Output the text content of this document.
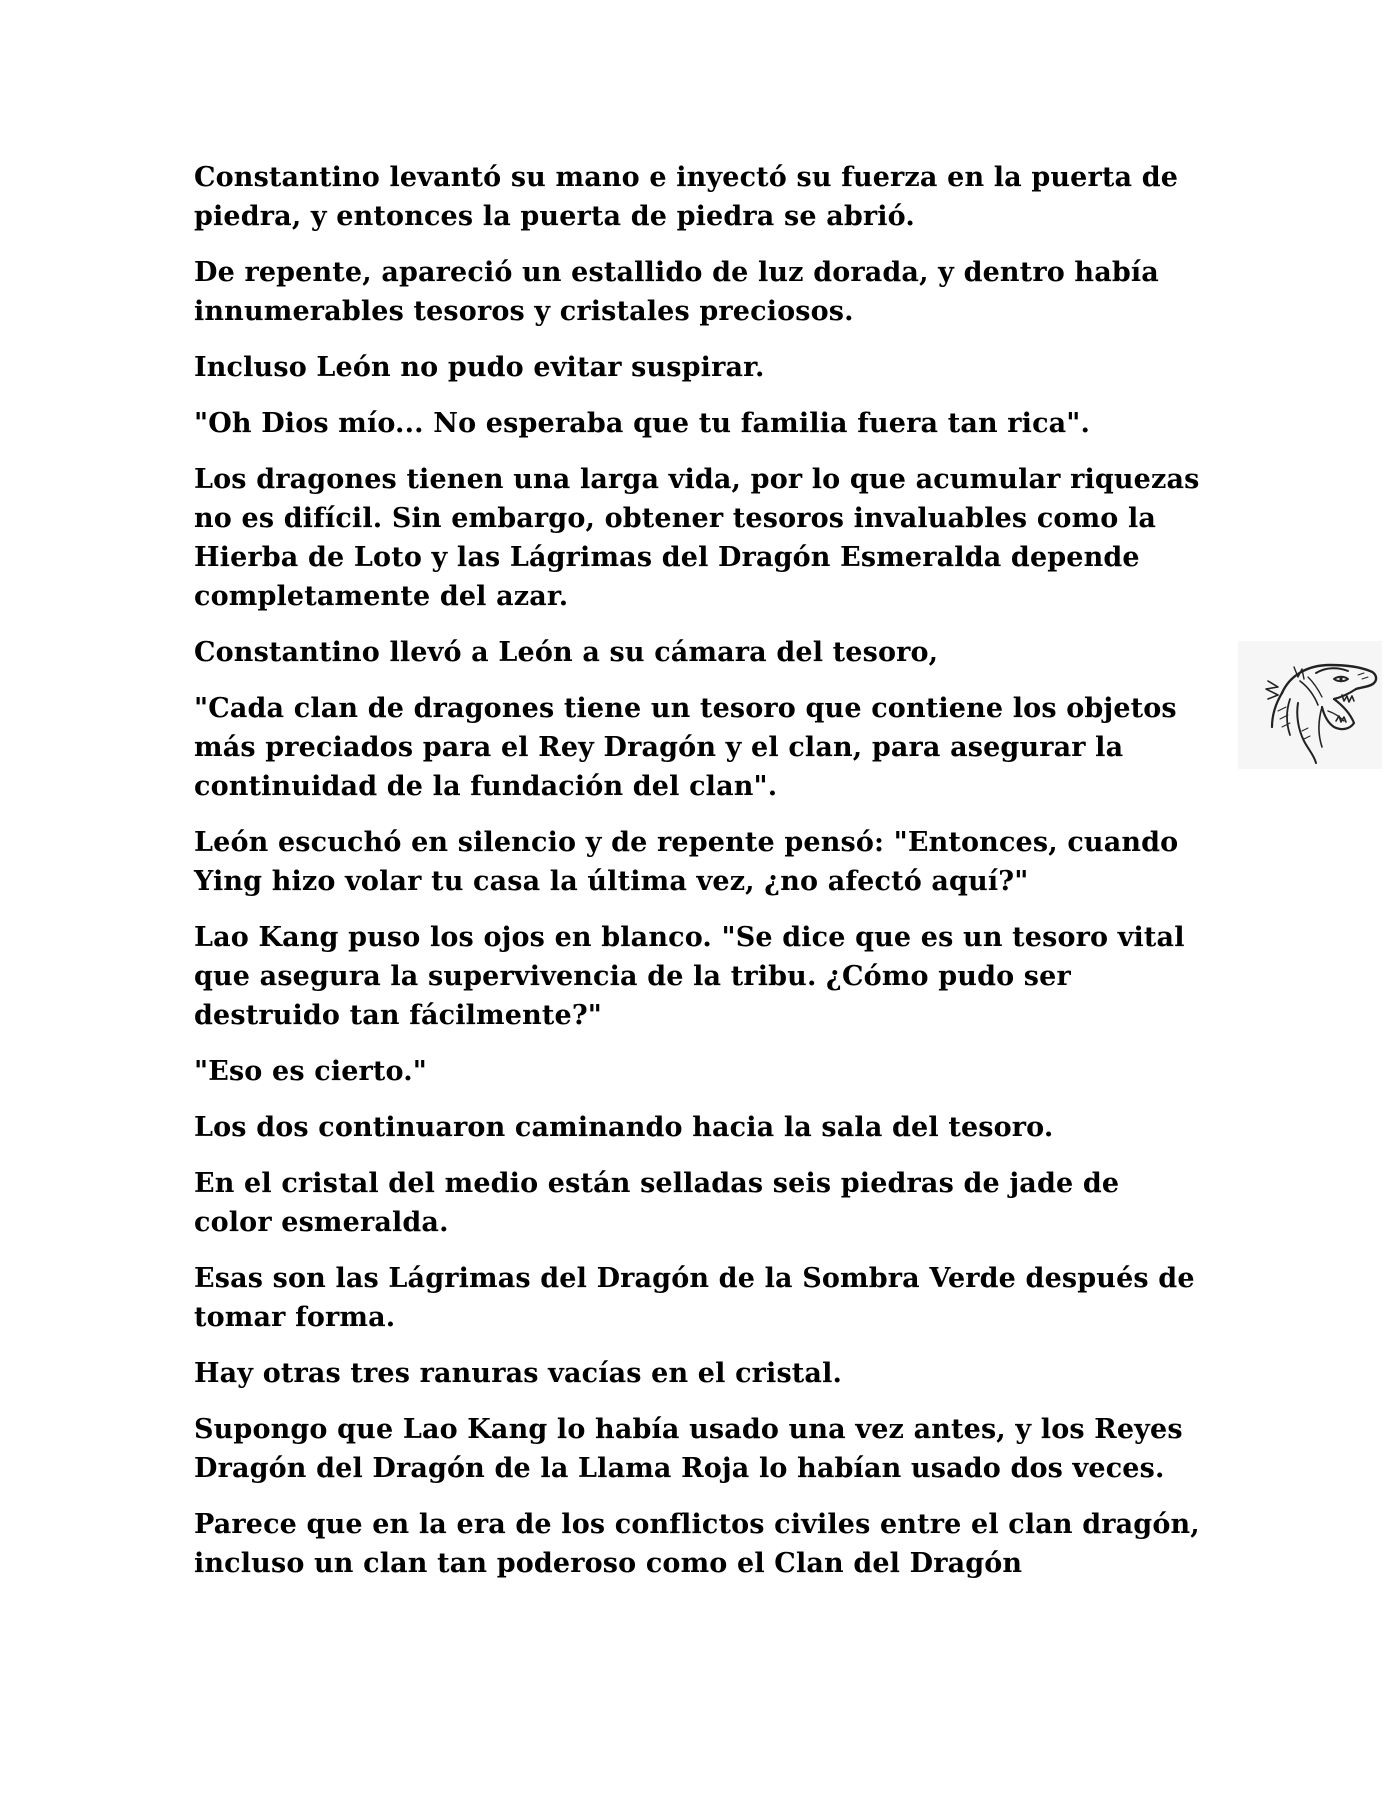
Constantino levantó su mano e inyectó su fuerza en la puerta de piedra, y entonces la puerta de piedra se abrió.

De repente, apareció un estallido de luz dorada, y dentro había innumerables tesoros y cristales preciosos.

Incluso León no pudo evitar suspirar.

"Oh Dios mío... No esperaba que tu familia fuera tan rica".

Los dragones tienen una larga vida, por lo que acumular riquezas no es difícil. Sin embargo, obtener tesoros invaluables como la Hierba de Loto y las Lágrimas del Dragón Esmeralda depende completamente del azar.

Constantino llevó a León a su cámara del tesoro,

"Cada clan de dragones tiene un tesoro que contiene los objetos más preciados para el Rey Dragón y el clan, para asegurar la continuidad de la fundación del clan".

León escuchó en silencio y de repente pensó: "Entonces, cuando Ying hizo volar tu casa la última vez, ¿no afectó aquí?"

Lao Kang puso los ojos en blanco. "Se dice que es un tesoro vital que asegura la supervivencia de la tribu. ¿Cómo pudo ser destruido tan fácilmente?"

"Eso es cierto."

Los dos continuaron caminando hacia la sala del tesoro.

En el cristal del medio están selladas seis piedras de jade de color esmeralda.

Esas son las Lágrimas del Dragón de la Sombra Verde después de tomar forma.

Hay otras tres ranuras vacías en el cristal.

Supongo que Lao Kang lo había usado una vez antes, y los Reyes Dragón del Dragón de la Llama Roja lo habían usado dos veces.

Parece que en la era de los conflictos civiles entre el clan dragón, incluso un clan tan poderoso como el Clan del Dragón
